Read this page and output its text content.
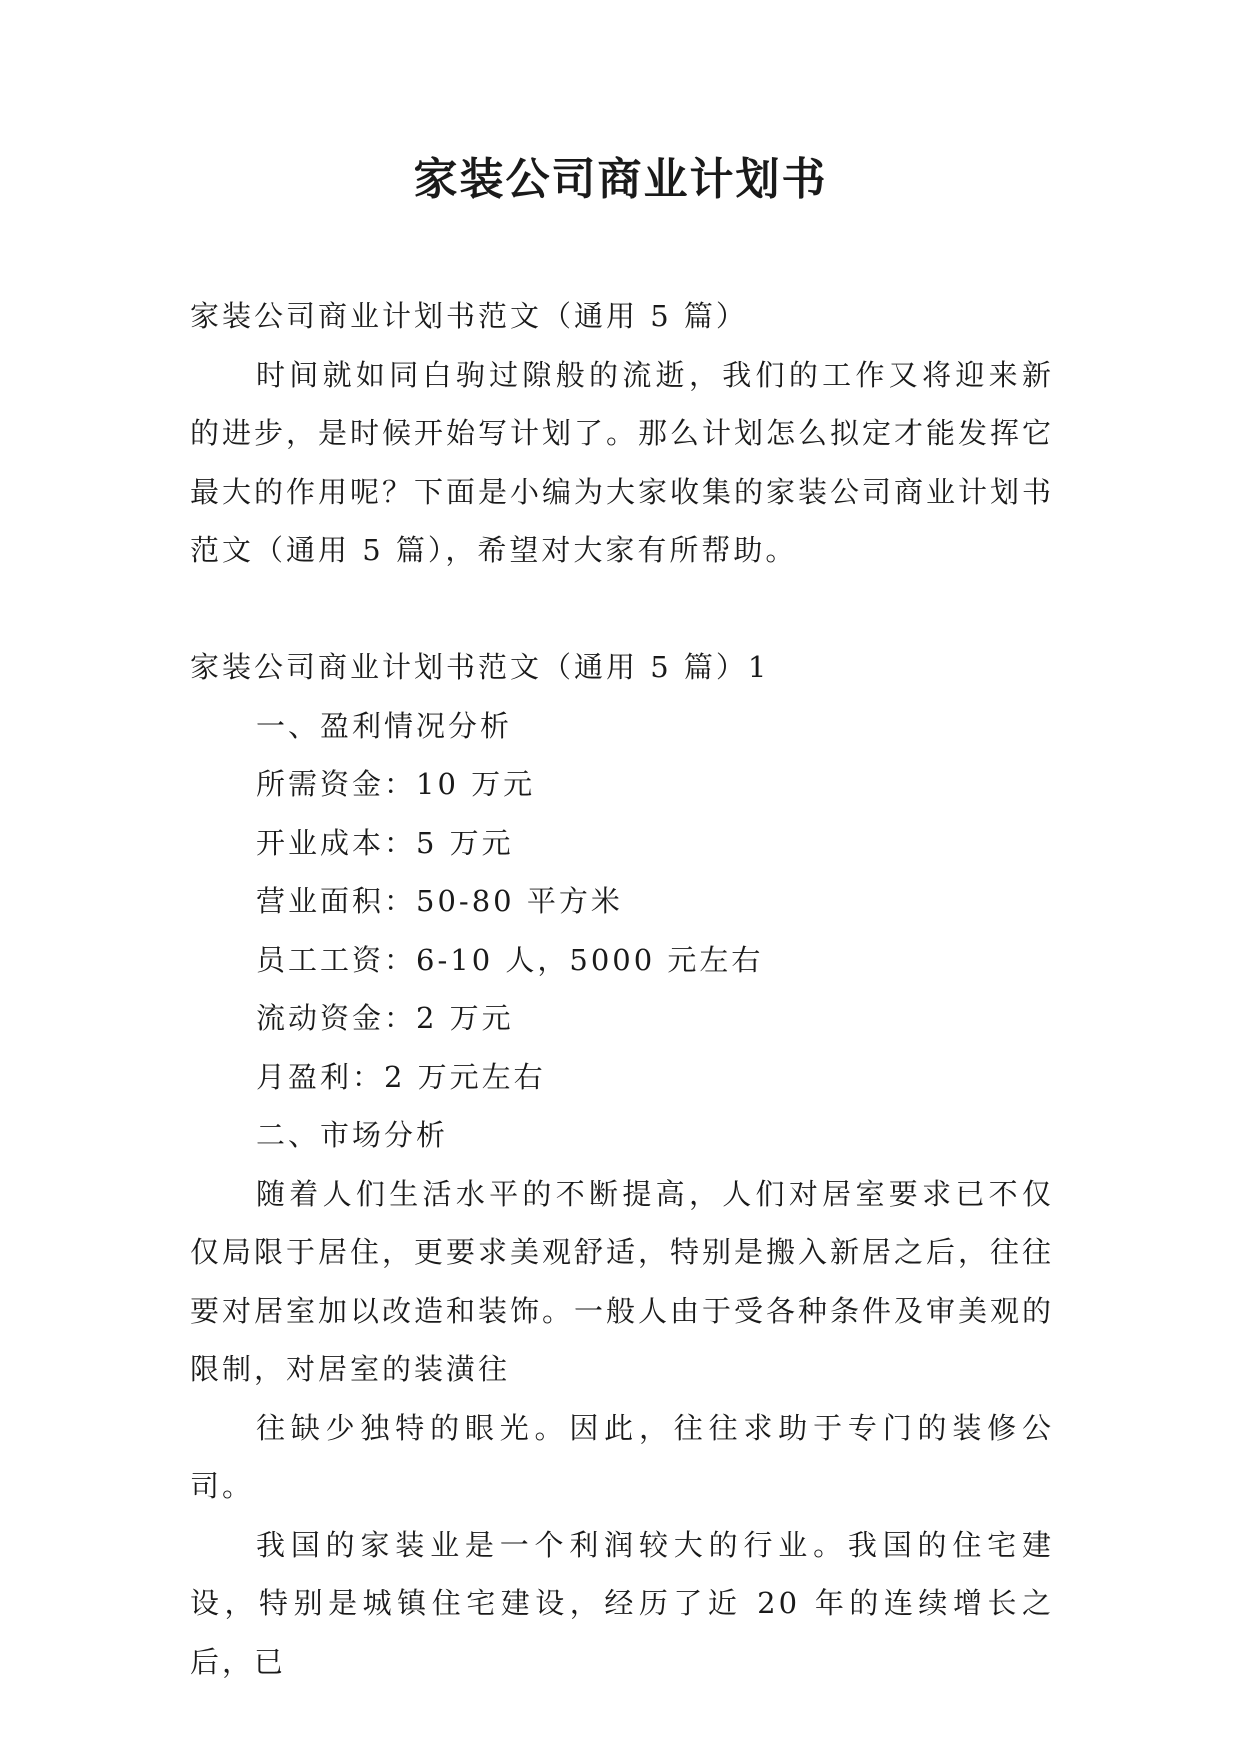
家装公司商业计划书

家装公司商业计划书范文（通用 5 篇）

时间就如同白驹过隙般的流逝，我们的工作又将迎来新的进步，是时候开始写计划了。那么计划怎么拟定才能发挥它最大的作用呢？下面是小编为大家收集的家装公司商业计划书范文（通用 5 篇），希望对大家有所帮助。

家装公司商业计划书范文（通用 5 篇）1

一、盈利情况分析

所需资金：10 万元

开业成本：5 万元

营业面积：50-80 平方米

员工工资：6-10 人，5000 元左右

流动资金：2 万元

月盈利：2 万元左右

二、市场分析

随着人们生活水平的不断提高，人们对居室要求已不仅仅局限于居住，更要求美观舒适，特别是搬入新居之后，往往要对居室加以改造和装饰。一般人由于受各种条件及审美观的限制，对居室的装潢往

往缺少独特的眼光。因此，往往求助于专门的装修公司。

我国的家装业是一个利润较大的行业。我国的住宅建设，特别是城镇住宅建设，经历了近 20 年的连续增长之后，已
